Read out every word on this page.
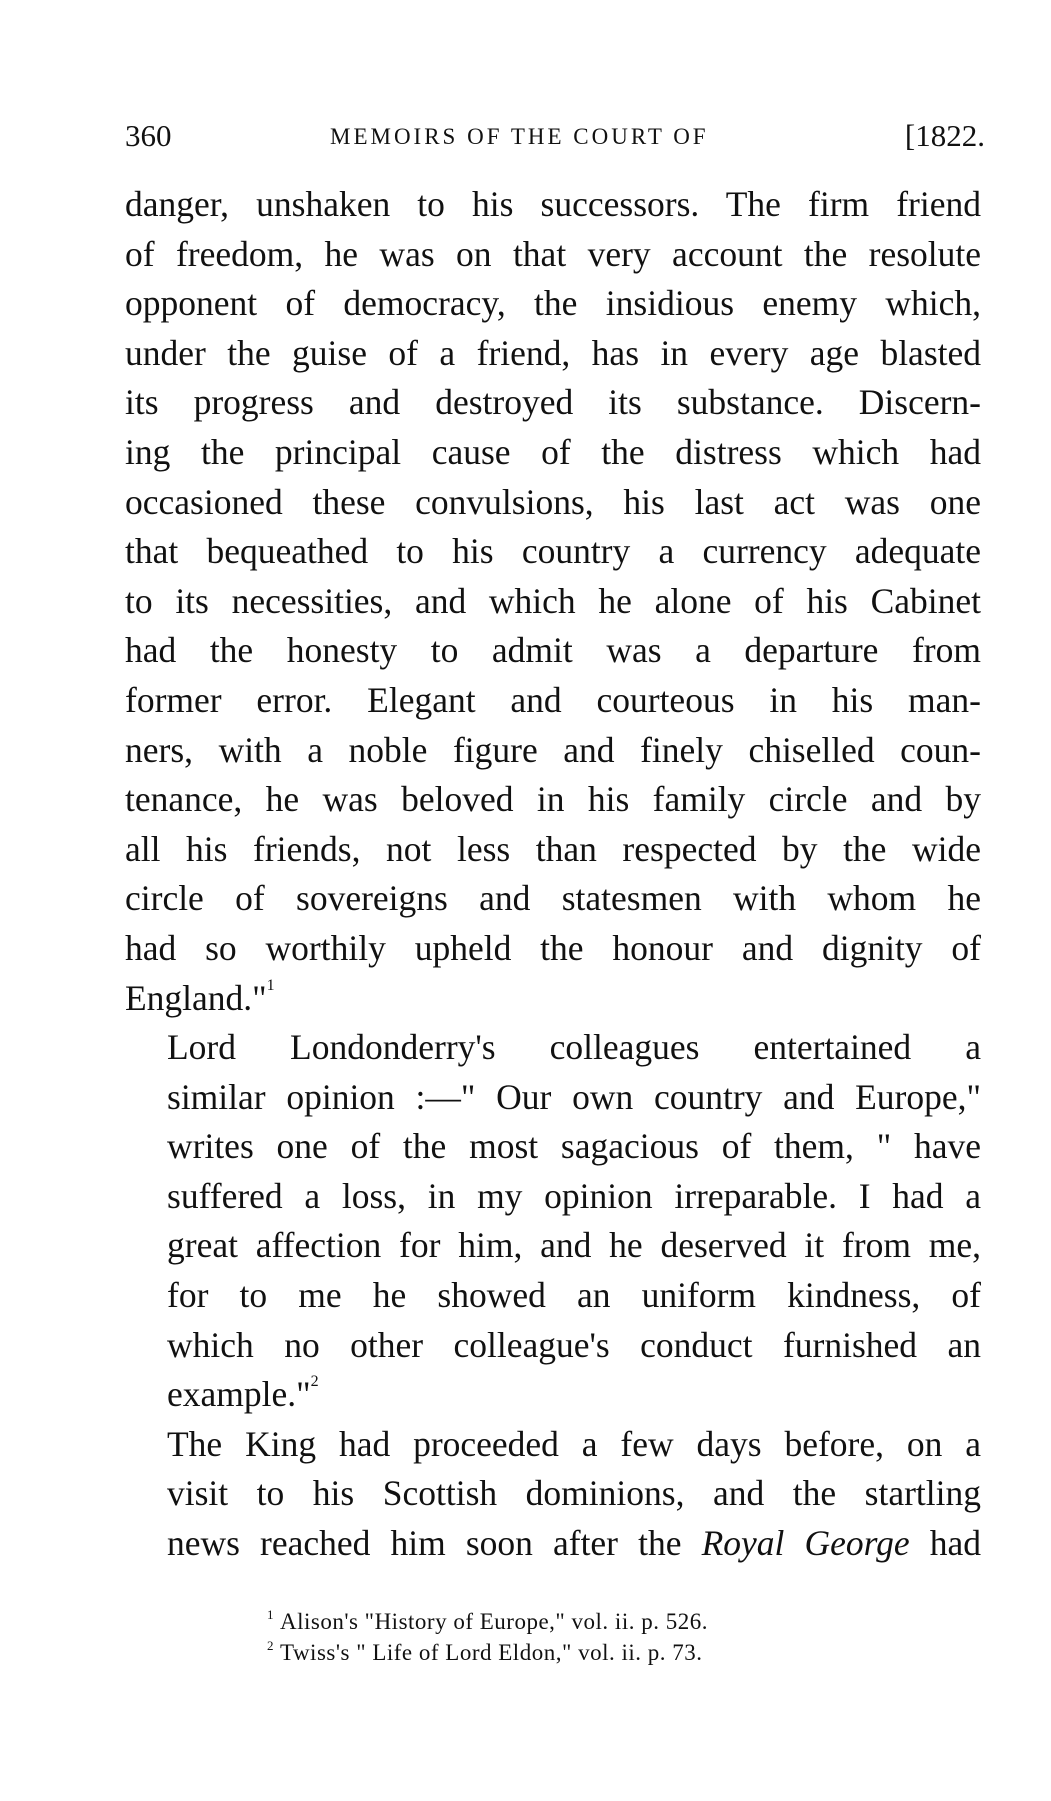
360	MEMOIRS OF THE COURT OF	[1822.

danger, unshaken to his successors. The firm friend
of freedom, he was on that very account the resolute
opponent of democracy, the insidious enemy which,
under the guise of a friend, has in every age blasted
its progress and destroyed its substance. Discern-
ing the principal cause of the distress which had
occasioned these convulsions, his last act was one
that bequeathed to his country a currency adequate
to its necessities, and which he alone of his Cabinet
had the honesty to admit was a departure from
former error. Elegant and courteous in his man-
ners, with a noble figure and finely chiselled coun-
tenance, he was beloved in his family circle and by
all his friends, not less than respected by the wide
circle of sovereigns and statesmen with whom he
had so worthily upheld the honour and dignity of
England."$^1$

Lord Londonderry's colleagues entertained a
similar opinion :—" Our own country and Europe,"
writes one of the most sagacious of them, " have
suffered a loss, in my opinion irreparable. I had a
great affection for him, and he deserved it from me,
for to me he showed an uniform kindness, of
which no other colleague's conduct furnished an
example."$^2$

The King had proceeded a few days before, on a
visit to his Scottish dominions, and the startling
news reached him soon after the Royal George had

$^1$ Alison's "History of Europe," vol. ii. p. 526.
$^2$ Twiss's " Life of Lord Eldon," vol. ii. p. 73.
